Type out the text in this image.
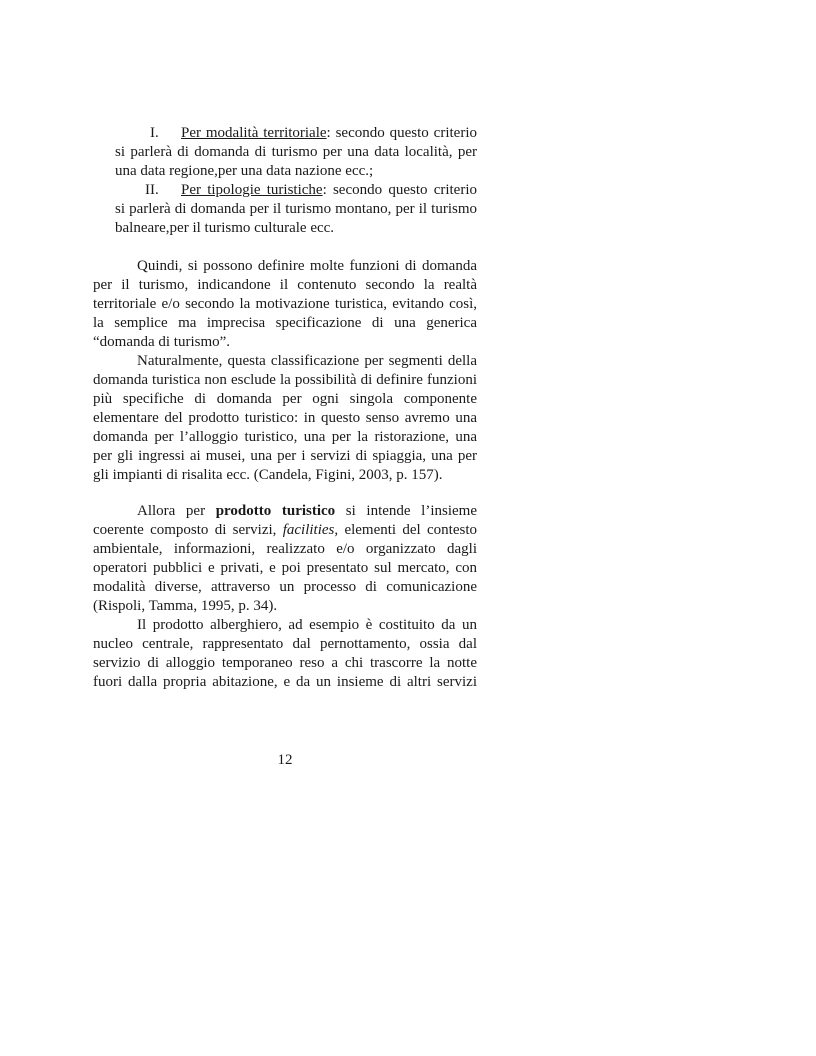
I. Per modalità territoriale: secondo questo criterio
si parlerà di domanda di turismo per una data località, per
una data regione,per una data nazione ecc.;
II. Per tipologie turistiche: secondo questo criterio
si parlerà di domanda per il turismo montano, per il turismo
balneare,per il turismo culturale ecc.
Quindi, si possono definire molte funzioni di domanda
per il turismo, indicandone il contenuto secondo la realtà
territoriale e/o secondo la motivazione turistica, evitando così,
la semplice ma imprecisa specificazione di una generica
“domanda di turismo”.
Naturalmente, questa classificazione per segmenti della
domanda turistica non esclude la possibilità di definire funzioni
più specifiche di domanda per ogni singola componente
elementare del prodotto turistico: in questo senso avremo una
domanda per l’alloggio turistico, una per la ristorazione, una
per gli ingressi ai musei, una per i servizi di spiaggia, una per
gli impianti di risalita ecc. (Candela, Figini, 2003, p. 157).
Allora per prodotto turistico si intende l’insieme
coerente composto di servizi, facilities, elementi del contesto
ambientale, informazioni, realizzato e/o organizzato dagli
operatori pubblici e privati, e poi presentato sul mercato, con
modalità diverse, attraverso un processo di comunicazione
(Rispoli, Tamma, 1995, p. 34).
Il prodotto alberghiero, ad esempio è costituito da un
nucleo centrale, rappresentato dal pernottamento, ossia dal
servizio di alloggio temporaneo reso a chi trascorre la notte
fuori dalla propria abitazione, e da un insieme di altri servizi
12
